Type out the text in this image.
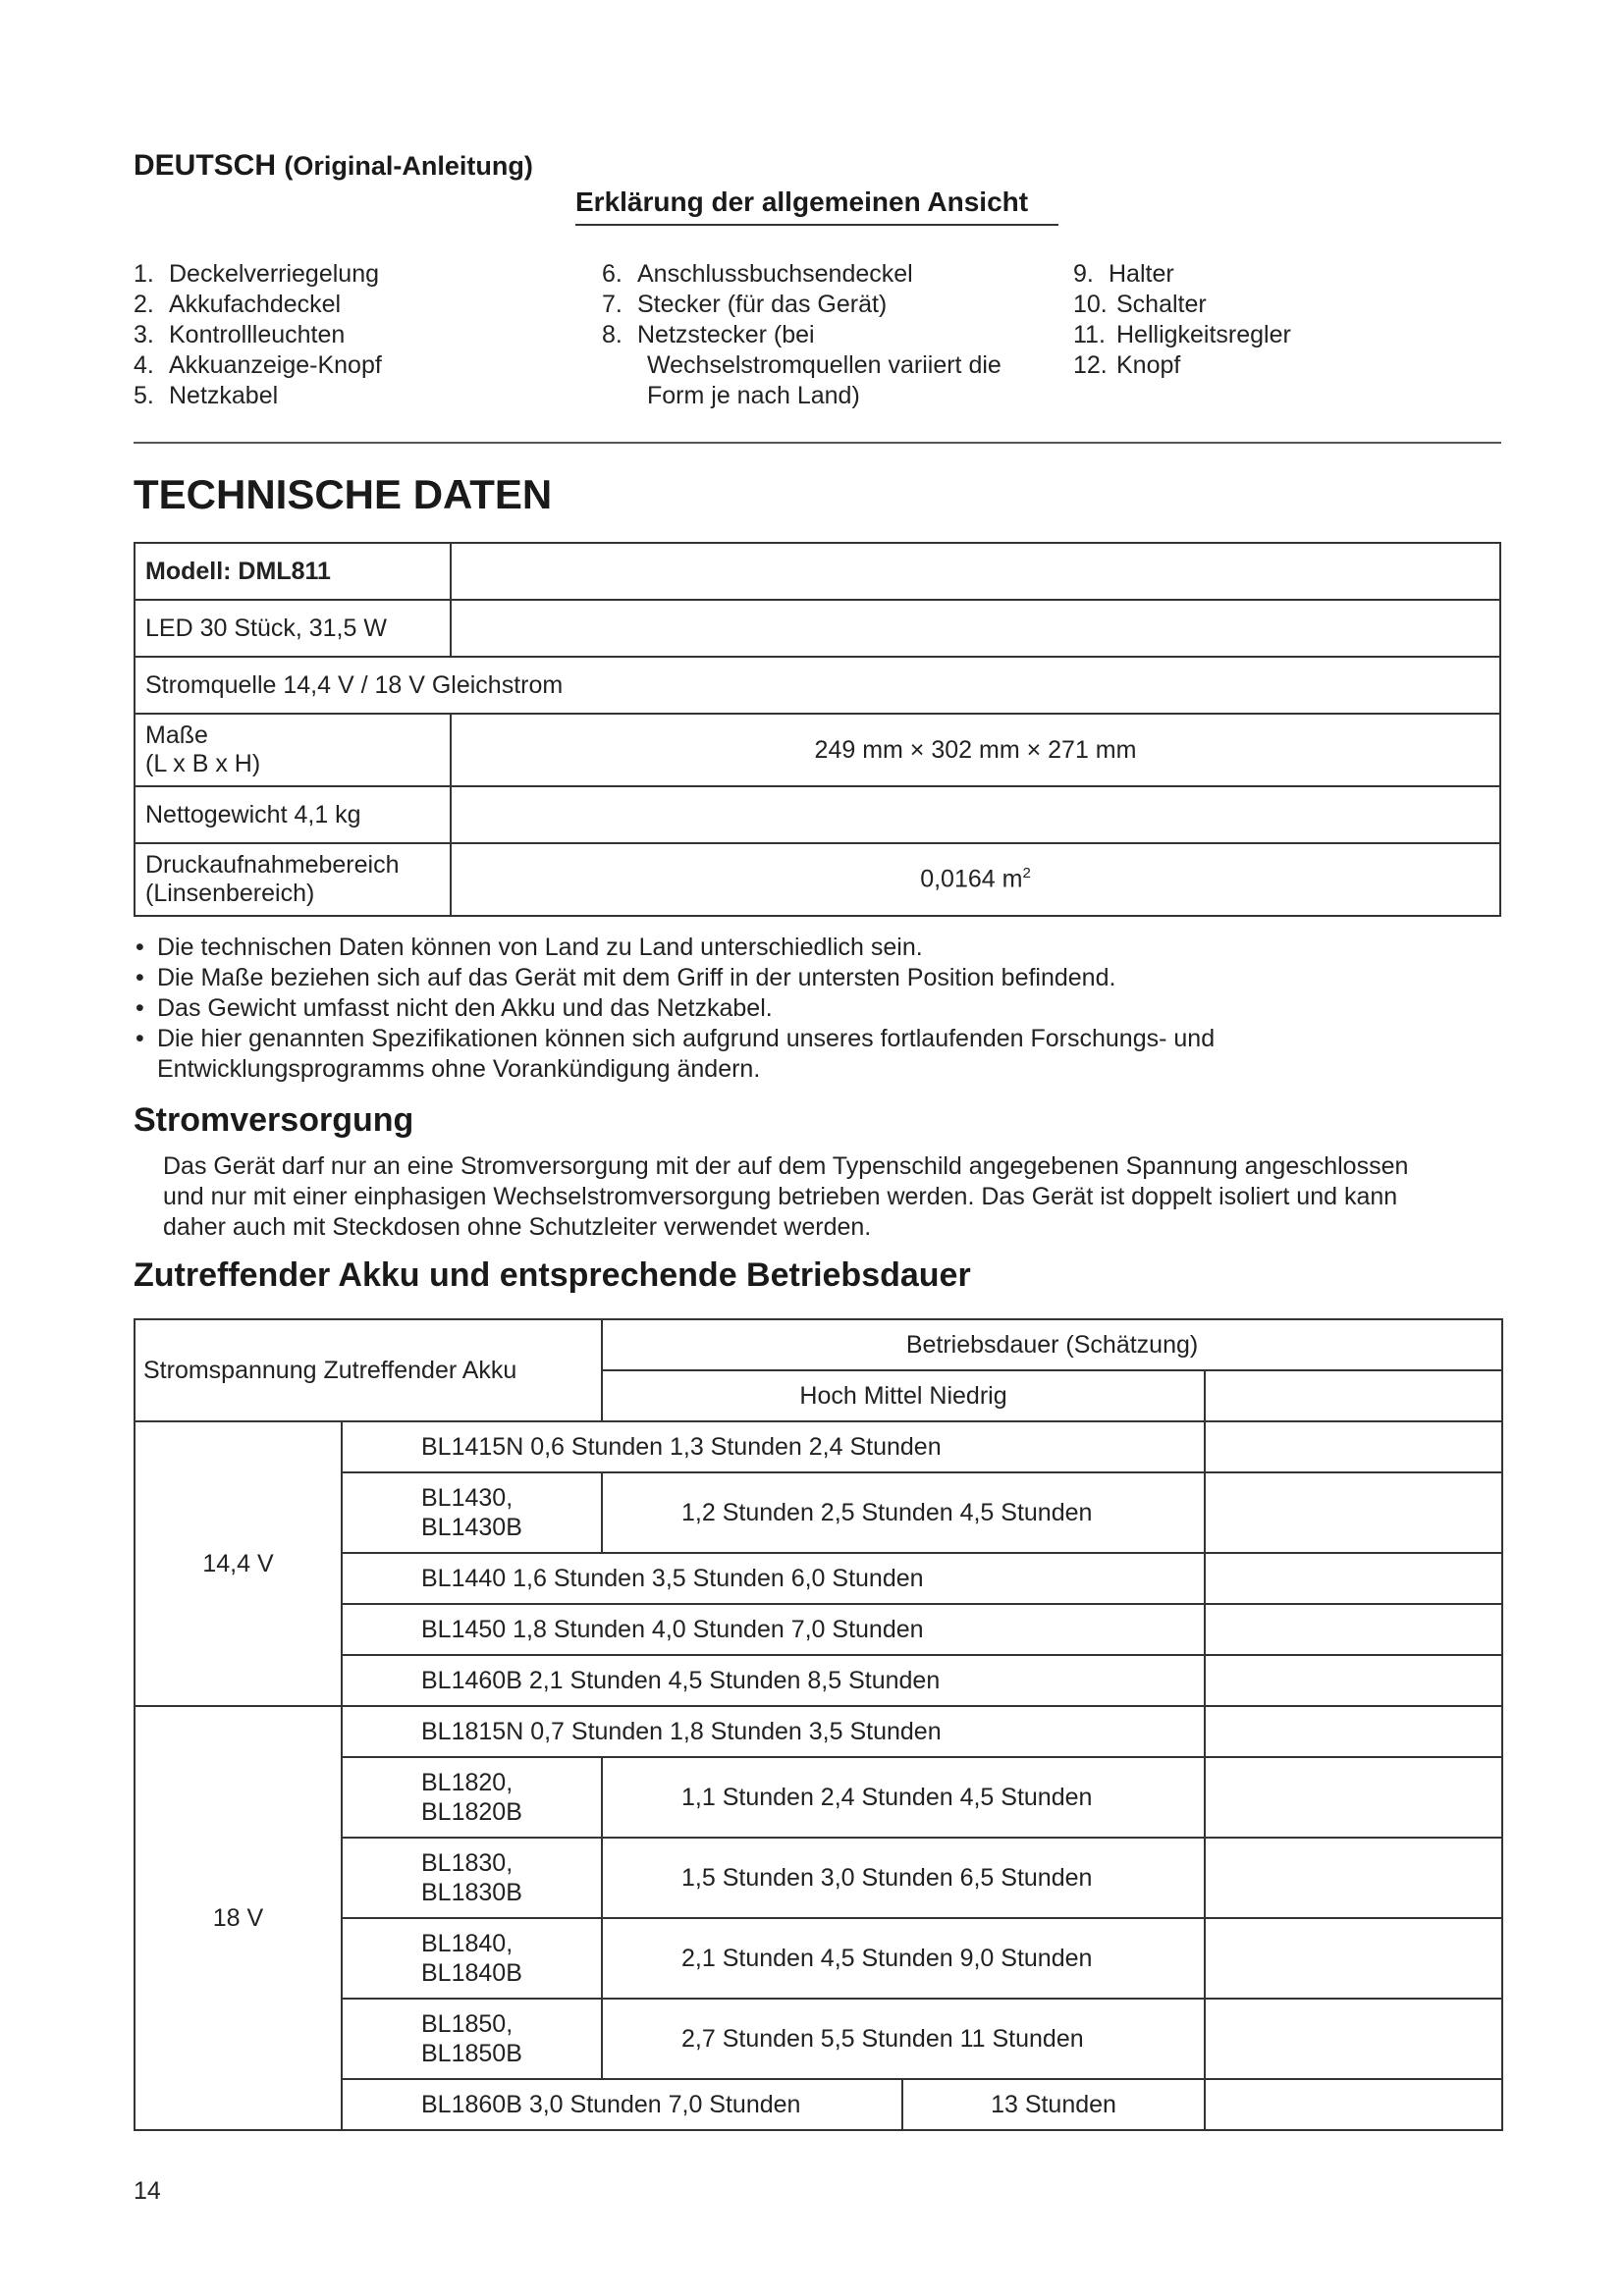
DEUTSCH (Original-Anleitung)
Erklärung der allgemeinen Ansicht
1. Deckelverriegelung
2. Akkufachdeckel
3. Kontrollleuchten
4. Akkuanzeige-Knopf
5. Netzkabel
6. Anschlussbuchsendeckel
7. Stecker (für das Gerät)
8. Netzstecker (bei
Wechselstromquellen variiert die
Form je nach Land)
9. Halter
10. Schalter
11. Helligkeitsregler
12. Knopf
TECHNISCHE DATEN
Modell: DML811	
LED 30 Stück, 31,5 W	
Stromquelle 14,4 V / 18 V Gleichstrom	

Maße
(L x B x H)	249 mm × 302 mm × 271 mm
Nettogewicht 4,1 kg	

Druckaufnahmebereich
(Linsenbereich)	0,0164 $m^2$
• Die technischen Daten können von Land zu Land unterschiedlich sein.
• Die Maße beziehen sich auf das Gerät mit dem Griff in der untersten Position befindend.
• Das Gewicht umfasst nicht den Akku und das Netzkabel.
• Die hier genannten Spezifikationen können sich aufgrund unseres fortlaufenden Forschungs- und
Entwicklungsprogramms ohne Vorankündigung ändern.
Stromversorgung
Das Gerät darf nur an eine Stromversorgung mit der auf dem Typenschild angegebenen Spannung angeschlossen
und nur mit einer einphasigen Wechselstromversorgung betrieben werden. Das Gerät ist doppelt isoliert und kann
daher auch mit Steckdosen ohne Schutzleiter verwendet werden.
Zutreffender Akku und entsprechende Betriebsdauer
Stromspannung Zutreffender Akku		Betriebsdauer (Schätzung)		
		Hoch Mittel Niedrig		
14,4 V	BL1415N 0,6 Stunden 1,3 Stunden 2,4 Stunden			

	BL1430,
BL1430B	1,2 Stunden 2,5 Stunden 4,5 Stunden		
	BL1440 1,6 Stunden 3,5 Stunden 6,0 Stunden			
	BL1450 1,8 Stunden 4,0 Stunden 7,0 Stunden			
	BL1460B 2,1 Stunden 4,5 Stunden 8,5 Stunden			
18 V	BL1815N 0,7 Stunden 1,8 Stunden 3,5 Stunden			

	BL1820,
BL1820B	1,1 Stunden 2,4 Stunden 4,5 Stunden		

	BL1830,
BL1830B	1,5 Stunden 3,0 Stunden 6,5 Stunden		

	BL1840,
BL1840B	2,1 Stunden 4,5 Stunden 9,0 Stunden		

	BL1850,
BL1850B	2,7 Stunden 5,5 Stunden 11 Stunden		
	BL1860B 3,0 Stunden 7,0 Stunden		13 Stunden	
14
